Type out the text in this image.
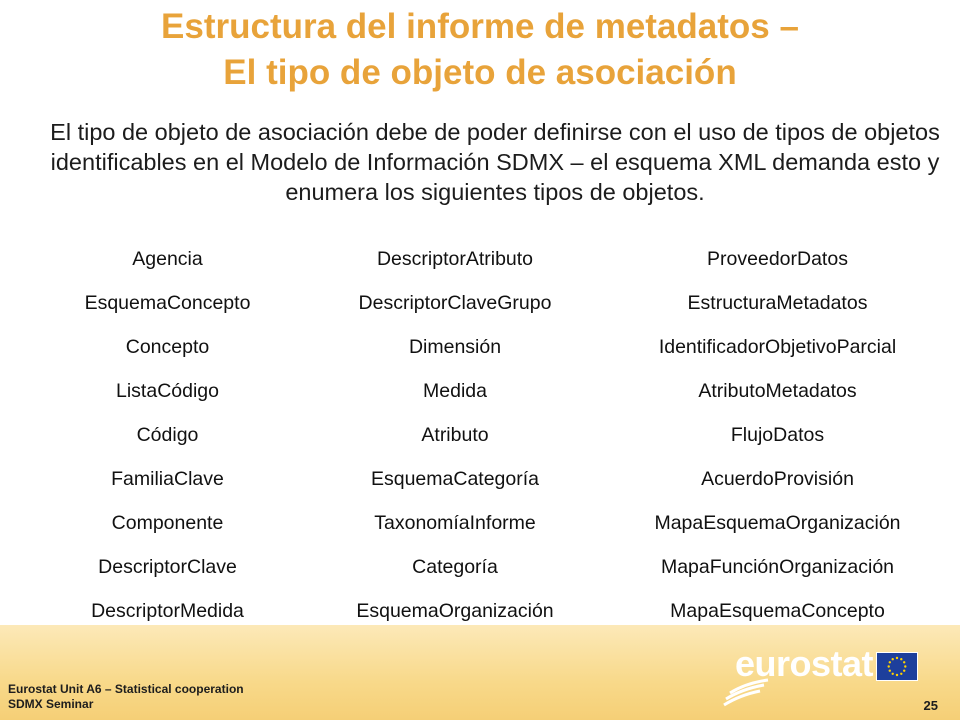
Estructura del informe de metadatos –
El tipo de objeto de asociación
El tipo de objeto de asociación debe de poder definirse con el uso de tipos de objetos identificables en el Modelo de Información SDMX – el esquema XML demanda esto y enumera los siguientes tipos de objetos.
Agencia	DescriptorAtributo	ProveedorDatos
EsquemaConcepto	DescriptorClaveGrupo	EstructuraMetadatos
Concepto	Dimensión	IdentificadorObjetivoParcial
ListaCódigo	Medida	AtributoMetadatos
Código	Atributo	FlujoDatos
FamiliaClave	EsquemaCategoría	AcuerdoProvisión
Componente	TaxonomíaInforme	MapaEsquemaOrganización
DescriptorClave	Categoría	MapaFunciónOrganización
DescriptorMedida	EsquemaOrganización	MapaEsquemaConcepto
eurostat
Eurostat Unit A6 – Statistical cooperation
SDMX Seminar	25
